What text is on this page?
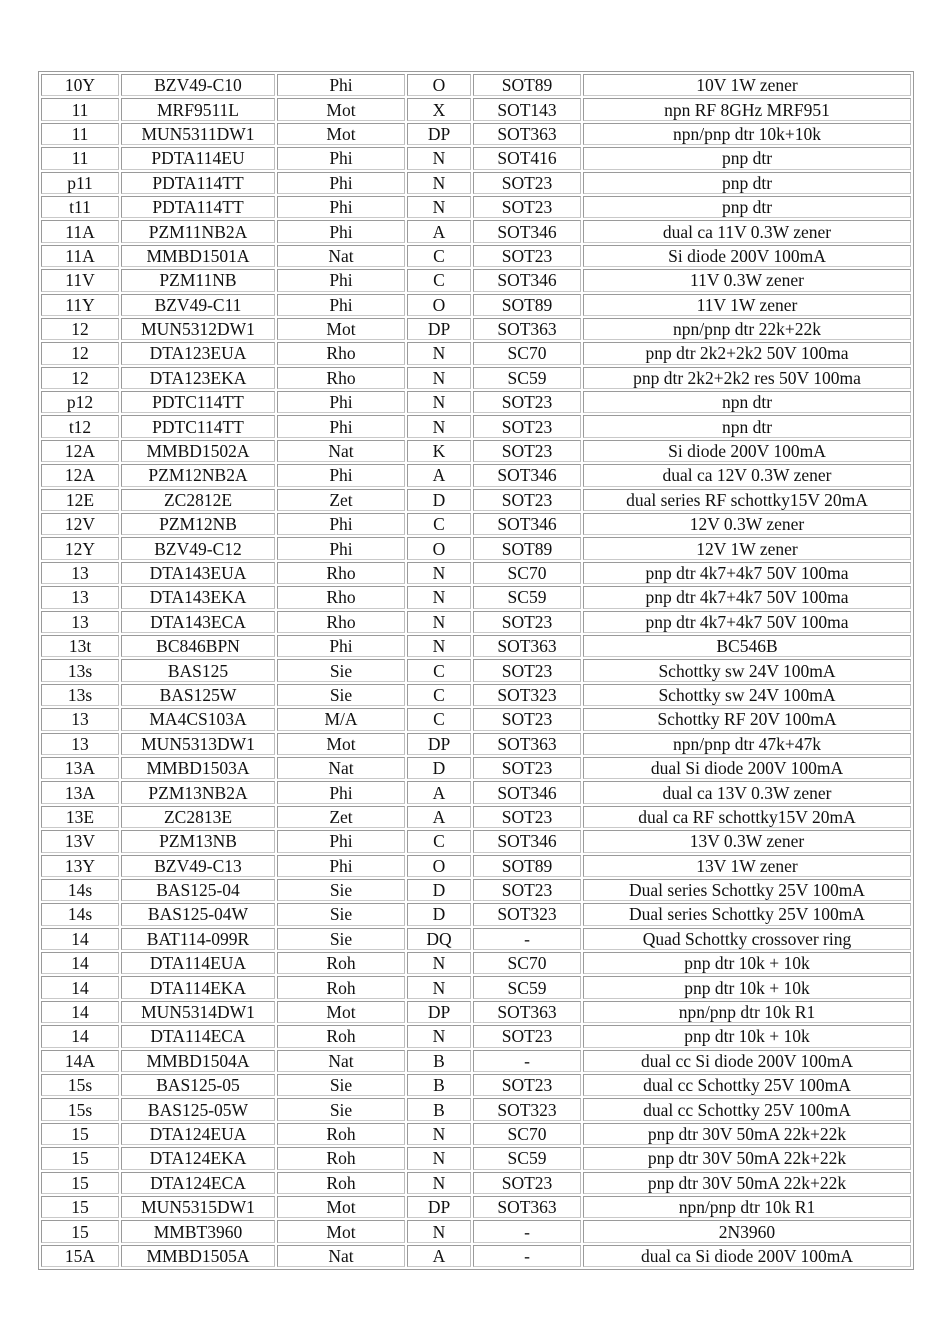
10Y	BZV49-C10	Phi	O	SOT89	10V 1W zener
11	MRF9511L	Mot	X	SOT143	npn RF 8GHz MRF951
11	MUN5311DW1	Mot	DP	SOT363	npn/pnp dtr 10k+10k
11	PDTA114EU	Phi	N	SOT416	pnp dtr
p11	PDTA114TT	Phi	N	SOT23	pnp dtr
t11	PDTA114TT	Phi	N	SOT23	pnp dtr
11A	PZM11NB2A	Phi	A	SOT346	dual ca 11V 0.3W zener
11A	MMBD1501A	Nat	C	SOT23	Si diode 200V 100mA
11V	PZM11NB	Phi	C	SOT346	11V 0.3W zener
11Y	BZV49-C11	Phi	O	SOT89	11V 1W zener
12	MUN5312DW1	Mot	DP	SOT363	npn/pnp dtr 22k+22k
12	DTA123EUA	Rho	N	SC70	pnp dtr 2k2+2k2 50V 100ma
12	DTA123EKA	Rho	N	SC59	pnp dtr 2k2+2k2 res 50V 100ma
p12	PDTC114TT	Phi	N	SOT23	npn dtr
t12	PDTC114TT	Phi	N	SOT23	npn dtr
12A	MMBD1502A	Nat	K	SOT23	Si diode 200V 100mA
12A	PZM12NB2A	Phi	A	SOT346	dual ca 12V 0.3W zener
12E	ZC2812E	Zet	D	SOT23	dual series RF schottky15V 20mA
12V	PZM12NB	Phi	C	SOT346	12V 0.3W zener
12Y	BZV49-C12	Phi	O	SOT89	12V 1W zener
13	DTA143EUA	Rho	N	SC70	pnp dtr 4k7+4k7 50V 100ma
13	DTA143EKA	Rho	N	SC59	pnp dtr 4k7+4k7 50V 100ma
13	DTA143ECA	Rho	N	SOT23	pnp dtr 4k7+4k7 50V 100ma
13t	BC846BPN	Phi	N	SOT363	BC546B
13s	BAS125	Sie	C	SOT23	Schottky sw 24V 100mA
13s	BAS125W	Sie	C	SOT323	Schottky sw 24V 100mA
13	MA4CS103A	M/A	C	SOT23	Schottky RF 20V 100mA
13	MUN5313DW1	Mot	DP	SOT363	npn/pnp dtr 47k+47k
13A	MMBD1503A	Nat	D	SOT23	dual Si diode 200V 100mA
13A	PZM13NB2A	Phi	A	SOT346	dual ca 13V 0.3W zener
13E	ZC2813E	Zet	A	SOT23	dual ca RF schottky15V 20mA
13V	PZM13NB	Phi	C	SOT346	13V 0.3W zener
13Y	BZV49-C13	Phi	O	SOT89	13V 1W zener
14s	BAS125-04	Sie	D	SOT23	Dual series Schottky 25V 100mA
14s	BAS125-04W	Sie	D	SOT323	Dual series Schottky 25V 100mA
14	BAT114-099R	Sie	DQ	-	Quad Schottky crossover ring
14	DTA114EUA	Roh	N	SC70	pnp dtr 10k + 10k
14	DTA114EKA	Roh	N	SC59	pnp dtr 10k + 10k
14	MUN5314DW1	Mot	DP	SOT363	npn/pnp dtr 10k R1
14	DTA114ECA	Roh	N	SOT23	pnp dtr 10k + 10k
14A	MMBD1504A	Nat	B	-	dual cc Si diode 200V 100mA
15s	BAS125-05	Sie	B	SOT23	dual cc Schottky 25V 100mA
15s	BAS125-05W	Sie	B	SOT323	dual cc Schottky 25V 100mA
15	DTA124EUA	Roh	N	SC70	pnp dtr 30V 50mA 22k+22k
15	DTA124EKA	Roh	N	SC59	pnp dtr 30V 50mA 22k+22k
15	DTA124ECA	Roh	N	SOT23	pnp dtr 30V 50mA 22k+22k
15	MUN5315DW1	Mot	DP	SOT363	npn/pnp dtr 10k R1
15	MMBT3960	Mot	N	-	2N3960
15A	MMBD1505A	Nat	A	-	dual ca Si diode 200V 100mA
